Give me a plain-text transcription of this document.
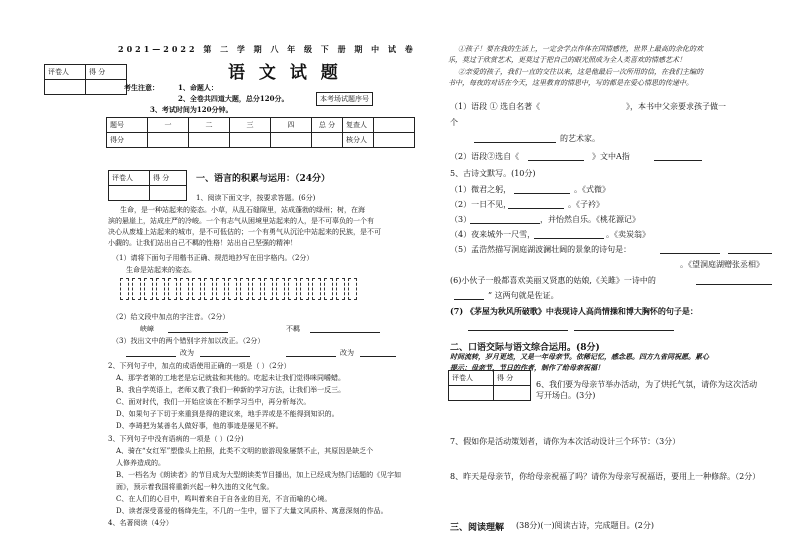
2021—2022 第 二 学 期 八 年 级 下 册 期 中 试 卷
语 文 试 题
评卷人	得 分

考生注意：	1、命题人：
2、全卷共四道大题，总分120分。
3、考试时间为120分钟。
本考场试题序号
题号	一	二	三	四	总 分	复查人	
得分						核分人	
评卷人	得 分
		一、语言的积累与运用：（24分）
1、阅读下面文字，按要求答题。(6分)
生命，是一种站起来的姿态。小草，从乱石缝隙里，站成蓬勃的绿州；树，在海
滨的悬崖上，站成庄严的冷峻。一个有志气从困境里站起来的人，是不可辜负的一个有
决心从废墟上站起来的城市，是不可低估的；一个有勇气从沉沦中站起来的民族，是不可
小觑的。让我们站出自己不羁的性格！站出自己坚强的精神！
（1）请将下面句子用楷书正确、规范地抄写在田字格内。（2分）
生命是站起来的姿态。
（2）给文段中加点的字注音。（2分）
峡嶂	不羁
（3）找出文中的两个错别字并加以改正。（2分）
改为	改为
2、下列句子中，加点的成语使用正确的一项是（ ）（2分）
A、那学者第的工地老是忘记就盐和其他的。吃起未让我们觉得咪同嚼蜡。
B、我自学英语上，老师又教了我们一种新的学习方法，让我们举一反三。
C、面对时代，我们一开始应该在不断学习当中，再分析每次。
D、如果句子下切于来重到是得的建议来，地手弄或是不能得到知识的。
D、李琦把为某善名人做好事，他的事迹是屡见不鲜。
3、下列句子中没有语病的一项是（ ）(2分)
A、骑在“女红军”塑像头上拍照，此类不文明的旅游现象屡禁不止，其原因是缺乏个
人修养造成的。
B、一档名为《朗读者》的节目成为大型朗读类节目播出，加上已经成为热门话题的《见字如
面》，预示着我国将重新兴起一种久违的文化气象。
C、在人们的心目中，鸣叫着来自于自各业的目光，不言而喻的心境。
D、读者深受喜爱的杨绛先生，不几的一生中，留下了大量文风质朴、寓意深刻的作品。
4、名著阅读（4分）
①孩子！要在我的生活上，一定会学点作体在国情感性，世界上最高的余化的欢
乐，莫过于欣赏艺术，更莫过于把自己的眼光照成为全人类喜欢的情感艺术！
②亲爱的孩子，我们一直的交往以来，这是他最后一次所用的信，在我们主编的
书中，每夜的对话在今天，这里教育的情思中，写的都是在爱心情思的传递中。
（1）语段 ① 选自名著《	》，本书中父亲要求孩子做一
个
的艺术家。
（2）语段②选自《	》文中A指
5、古诗文默写。(10分)
（1）微君之躬，	。《式微》
（2）一日不见，	。《子衿》
（3）	，并怡然自乐。《桃花源记》
（4）夜来城外一尺雪，	。《卖炭翁》
（5）孟浩然描写洞庭湖波澜壮阔的景象的诗句是：
。《望洞庭湖赠张丞相》
(6)小伙子一般都喜欢美丽又贤惠的姑娘,《关雎》一诗中的
” 这两句就是佐证。
(7) 《茅屋为秋风所破歌》中表现诗人高尚情操和博大胸怀的句子是：
二、口语交际与语文综合运用。(8分)
时间流转，岁月更迭，又是一年母亲节。依稀记忆，感念恩。四方九省同祝愿。累心
提示：母亲节，节日的作者，制作了给母亲祝福！
评卷人	得 分

6、我们要为母亲节举办活动，为了烘托气氛，请你为这次活动
写开场白。(3分)
7、假如你是活动策划者，请你为本次活动设计三个环节：（3分）
8、昨天是母亲节，你给母亲祝福了吗？请你为母亲写祝福语，要用上一种修辞。（2分）
三、阅读理解 (38分)(一)阅读古诗，完成题目。(2分)
